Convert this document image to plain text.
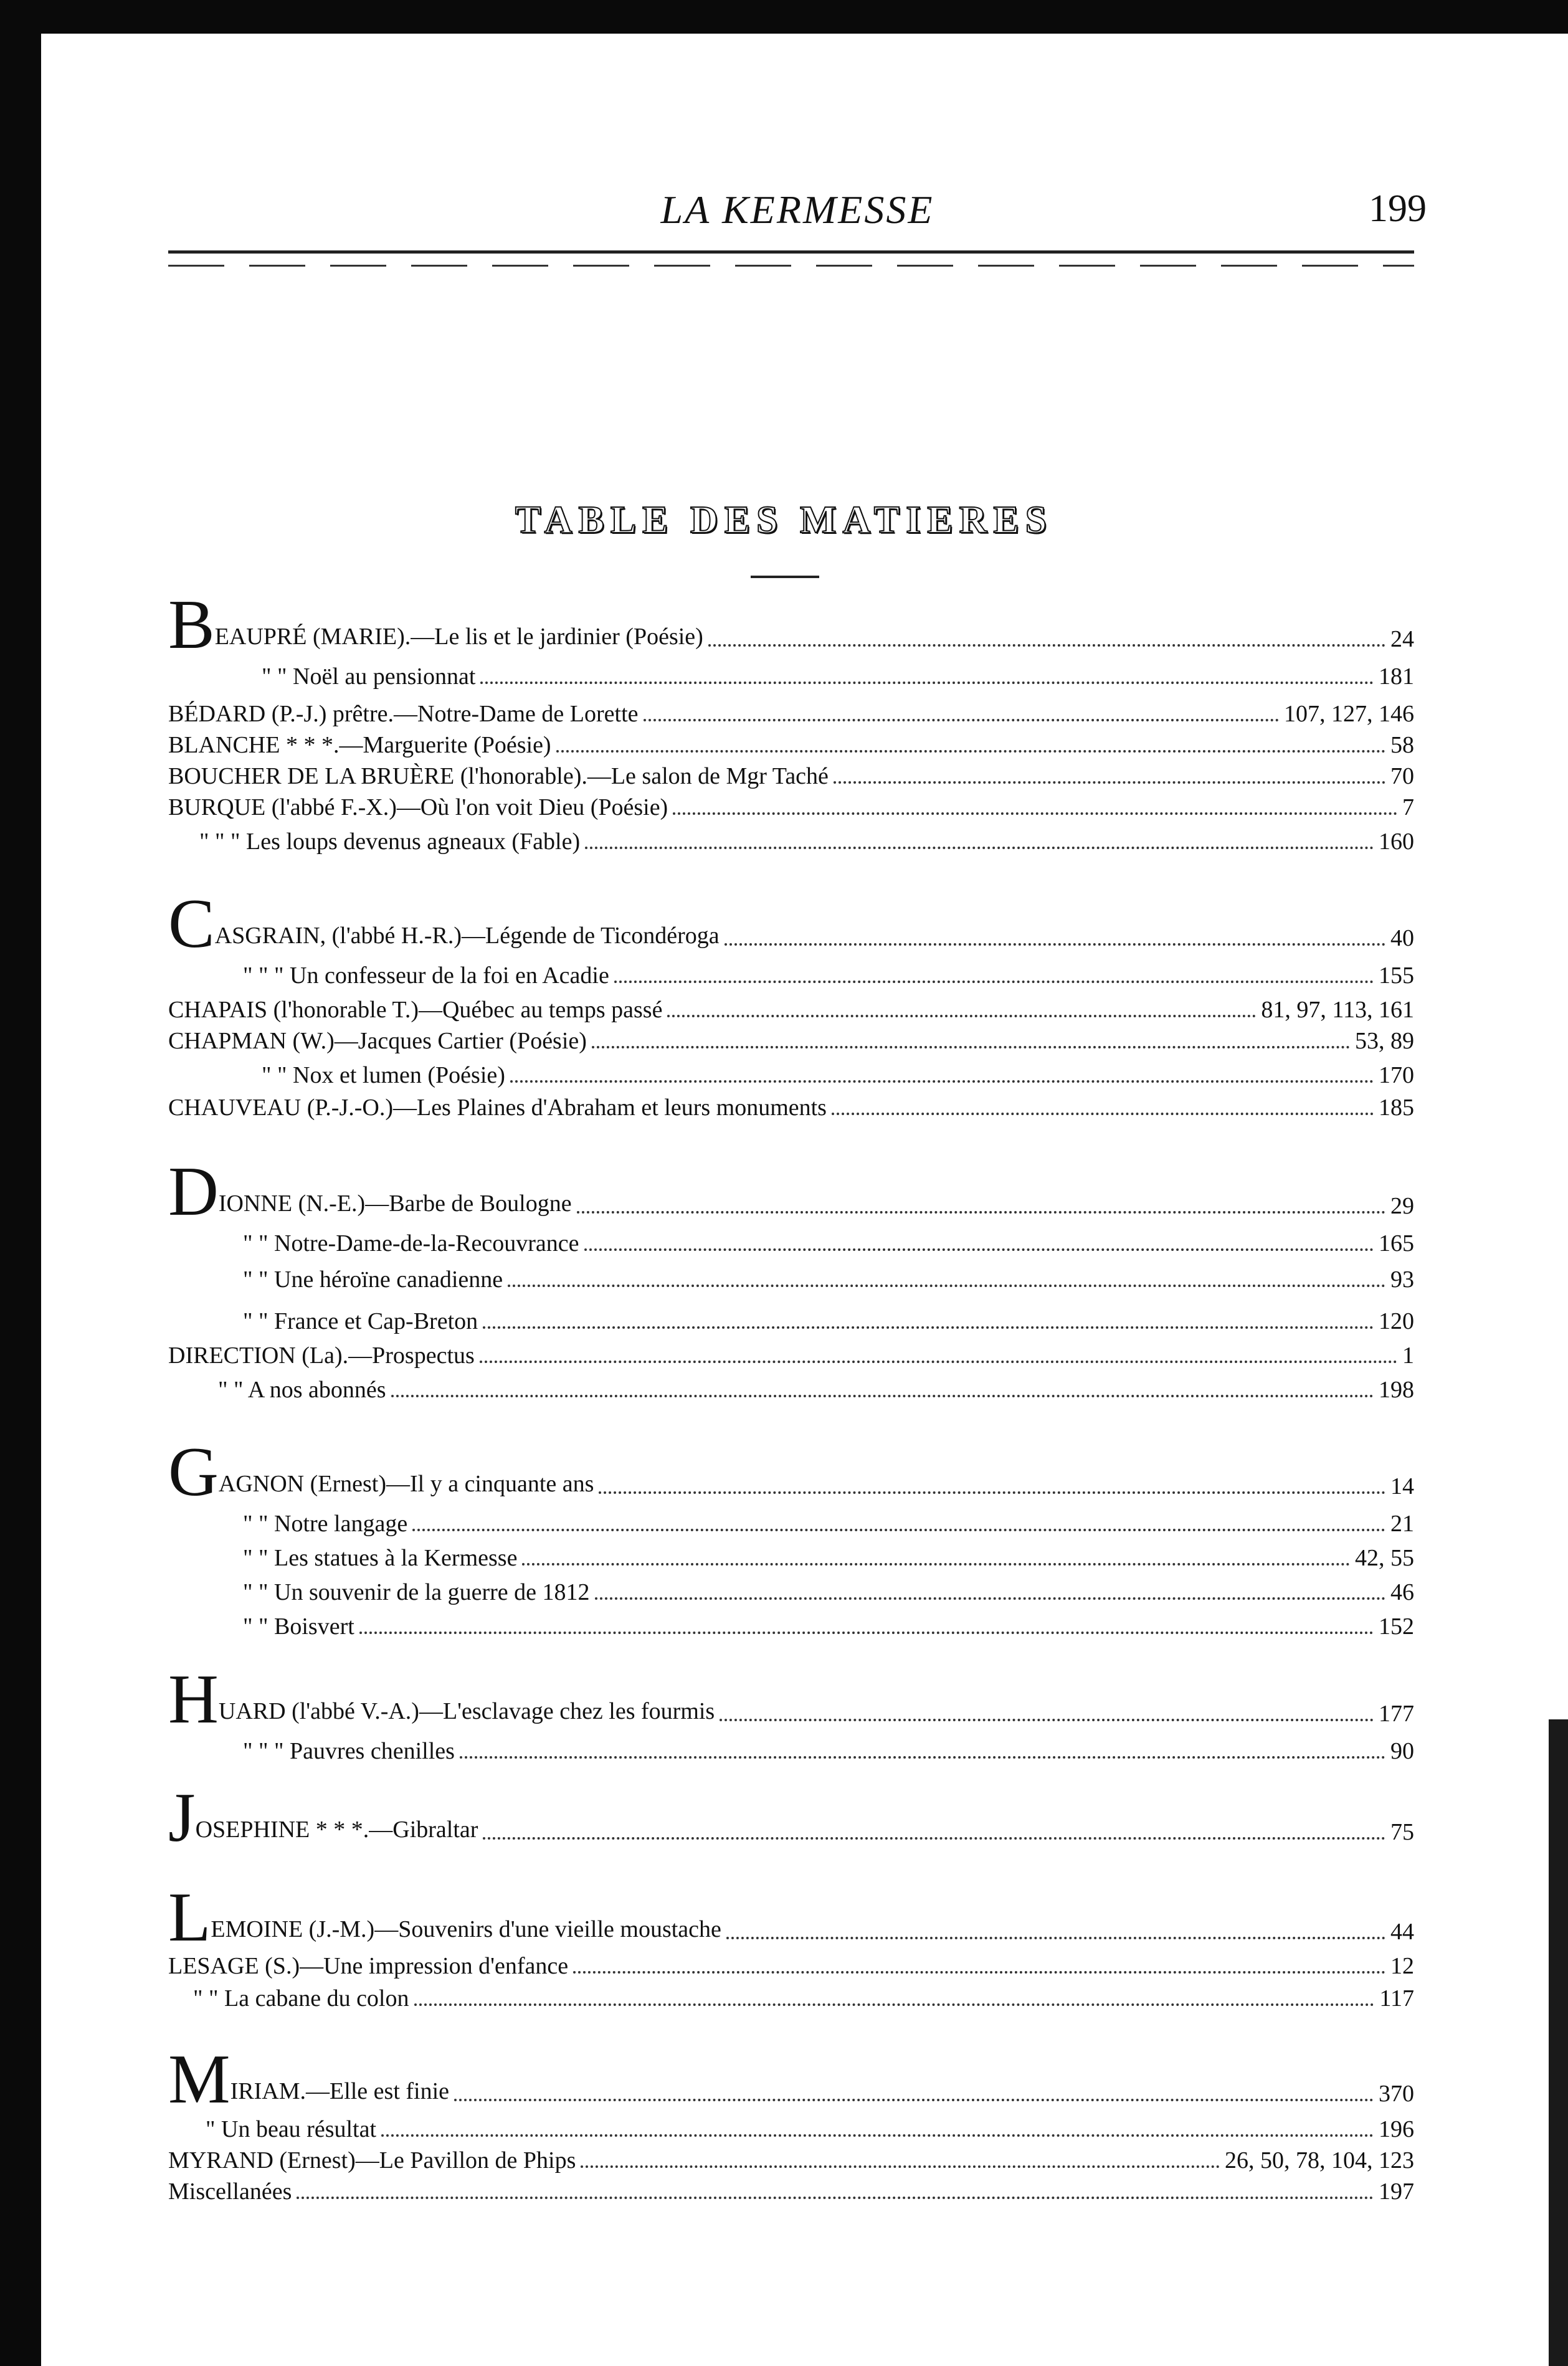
LA KERMESSE	199
TABLE DES MATIERES
BEAUPRÉ (MARIE).—Le lis et le jardinier (Poésie)	24
" " Noël au pensionnat	181
BÉDARD (P.-J.) prêtre.—Notre-Dame de Lorette	107, 127, 146
BLANCHE * * *.—Marguerite (Poésie)	58
BOUCHER DE LA BRUÈRE (l'honorable).—Le salon de Mgr Taché	70
BURQUE (l'abbé F.-X.)—Où l'on voit Dieu (Poésie)	7
" " " Les loups devenus agneaux (Fable)	160
CASGRAIN, (l'abbé H.-R.)—Légende de Ticondéroga	40
" " " Un confesseur de la foi en Acadie	155
CHAPAIS (l'honorable T.)—Québec au temps passé	81, 97, 113, 161
CHAPMAN (W.)—Jacques Cartier (Poésie)	53, 89
" " Nox et lumen (Poésie)	170
CHAUVEAU (P.-J.-O.)—Les Plaines d'Abraham et leurs monuments	185
DIONNE (N.-E.)—Barbe de Boulogne	29
" " Notre-Dame-de-la-Recouvrance	165
" " Une héroïne canadienne	93
" " France et Cap-Breton	120
DIRECTION (La).—Prospectus	1
" " A nos abonnés	198
GAGNON (Ernest)—Il y a cinquante ans	14
" " Notre langage	21
" " Les statues à la Kermesse	42, 55
" " Un souvenir de la guerre de 1812	46
" " Boisvert	152
HUARD (l'abbé V.-A.)—L'esclavage chez les fourmis	177
" " " Pauvres chenilles	90
JOSEPHINE * * *.—Gibraltar	75
LEMOINE (J.-M.)—Souvenirs d'une vieille moustache	44
LESAGE (S.)—Une impression d'enfance	12
" " La cabane du colon	117
MIRIAM.—Elle est finie	370
" Un beau résultat	196
MYRAND (Ernest)—Le Pavillon de Phips	26, 50, 78, 104, 123
Miscellanées	197
